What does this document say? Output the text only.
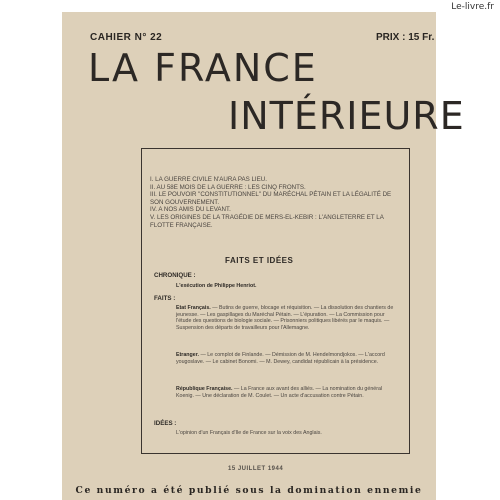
Le-livre.fr
CAHIER N° 22	PRIX : 15 Fr.
LA FRANCE
INTÉRIEURE

I. LA GUERRE CIVILE N'AURA PAS LIEU.

II. AU 58E MOIS DE LA GUERRE : LES CINQ FRONTS.

III. LE POUVOIR "CONSTITUTIONNEL" DU MARÉCHAL PÉTAIN ET LA LÉGALITÉ DE SON GOUVERNEMENT.

IV. A NOS AMIS DU LEVANT.

V. LES ORIGINES DE LA TRAGÉDIE DE MERS-EL-KEBIR : L'ANGLETERRE ET LA FLOTTE FRANÇAISE.

FAITS ET IDÉES
CHRONIQUE :
L'exécution de Philippe Henriot.
FAITS :
Etat Français. — Butins de guerre, blocage et réquisition. — La dissolution des chantiers de jeunesse. — Les gaspillages du Maréchal Pétain. — L'épuration. — La Commission pour l'étude des questions de biologie sociale. — Prisonniers politiques libérés par le maquis. — Suspension des départs de travailleurs pour l'Allemagne.
Etranger. — Le complot de Finlande. — Démission de M. Hendelmondjokos. — L'accord yougoslave. — Le cabinet Bonomi. — M. Dewey, candidat républicain à la présidence.
République Française. — La France aux avant des alliés. — La nomination du général Koenig. — Une déclaration de M. Coulet. — Un acte d'accusation contre Pétain.
IDÉES :
L'opinion d'un Français d'Ile de France sur la voix des Anglais.
15 JUILLET 1944
Ce numéro a été publié sous la domination ennemie
